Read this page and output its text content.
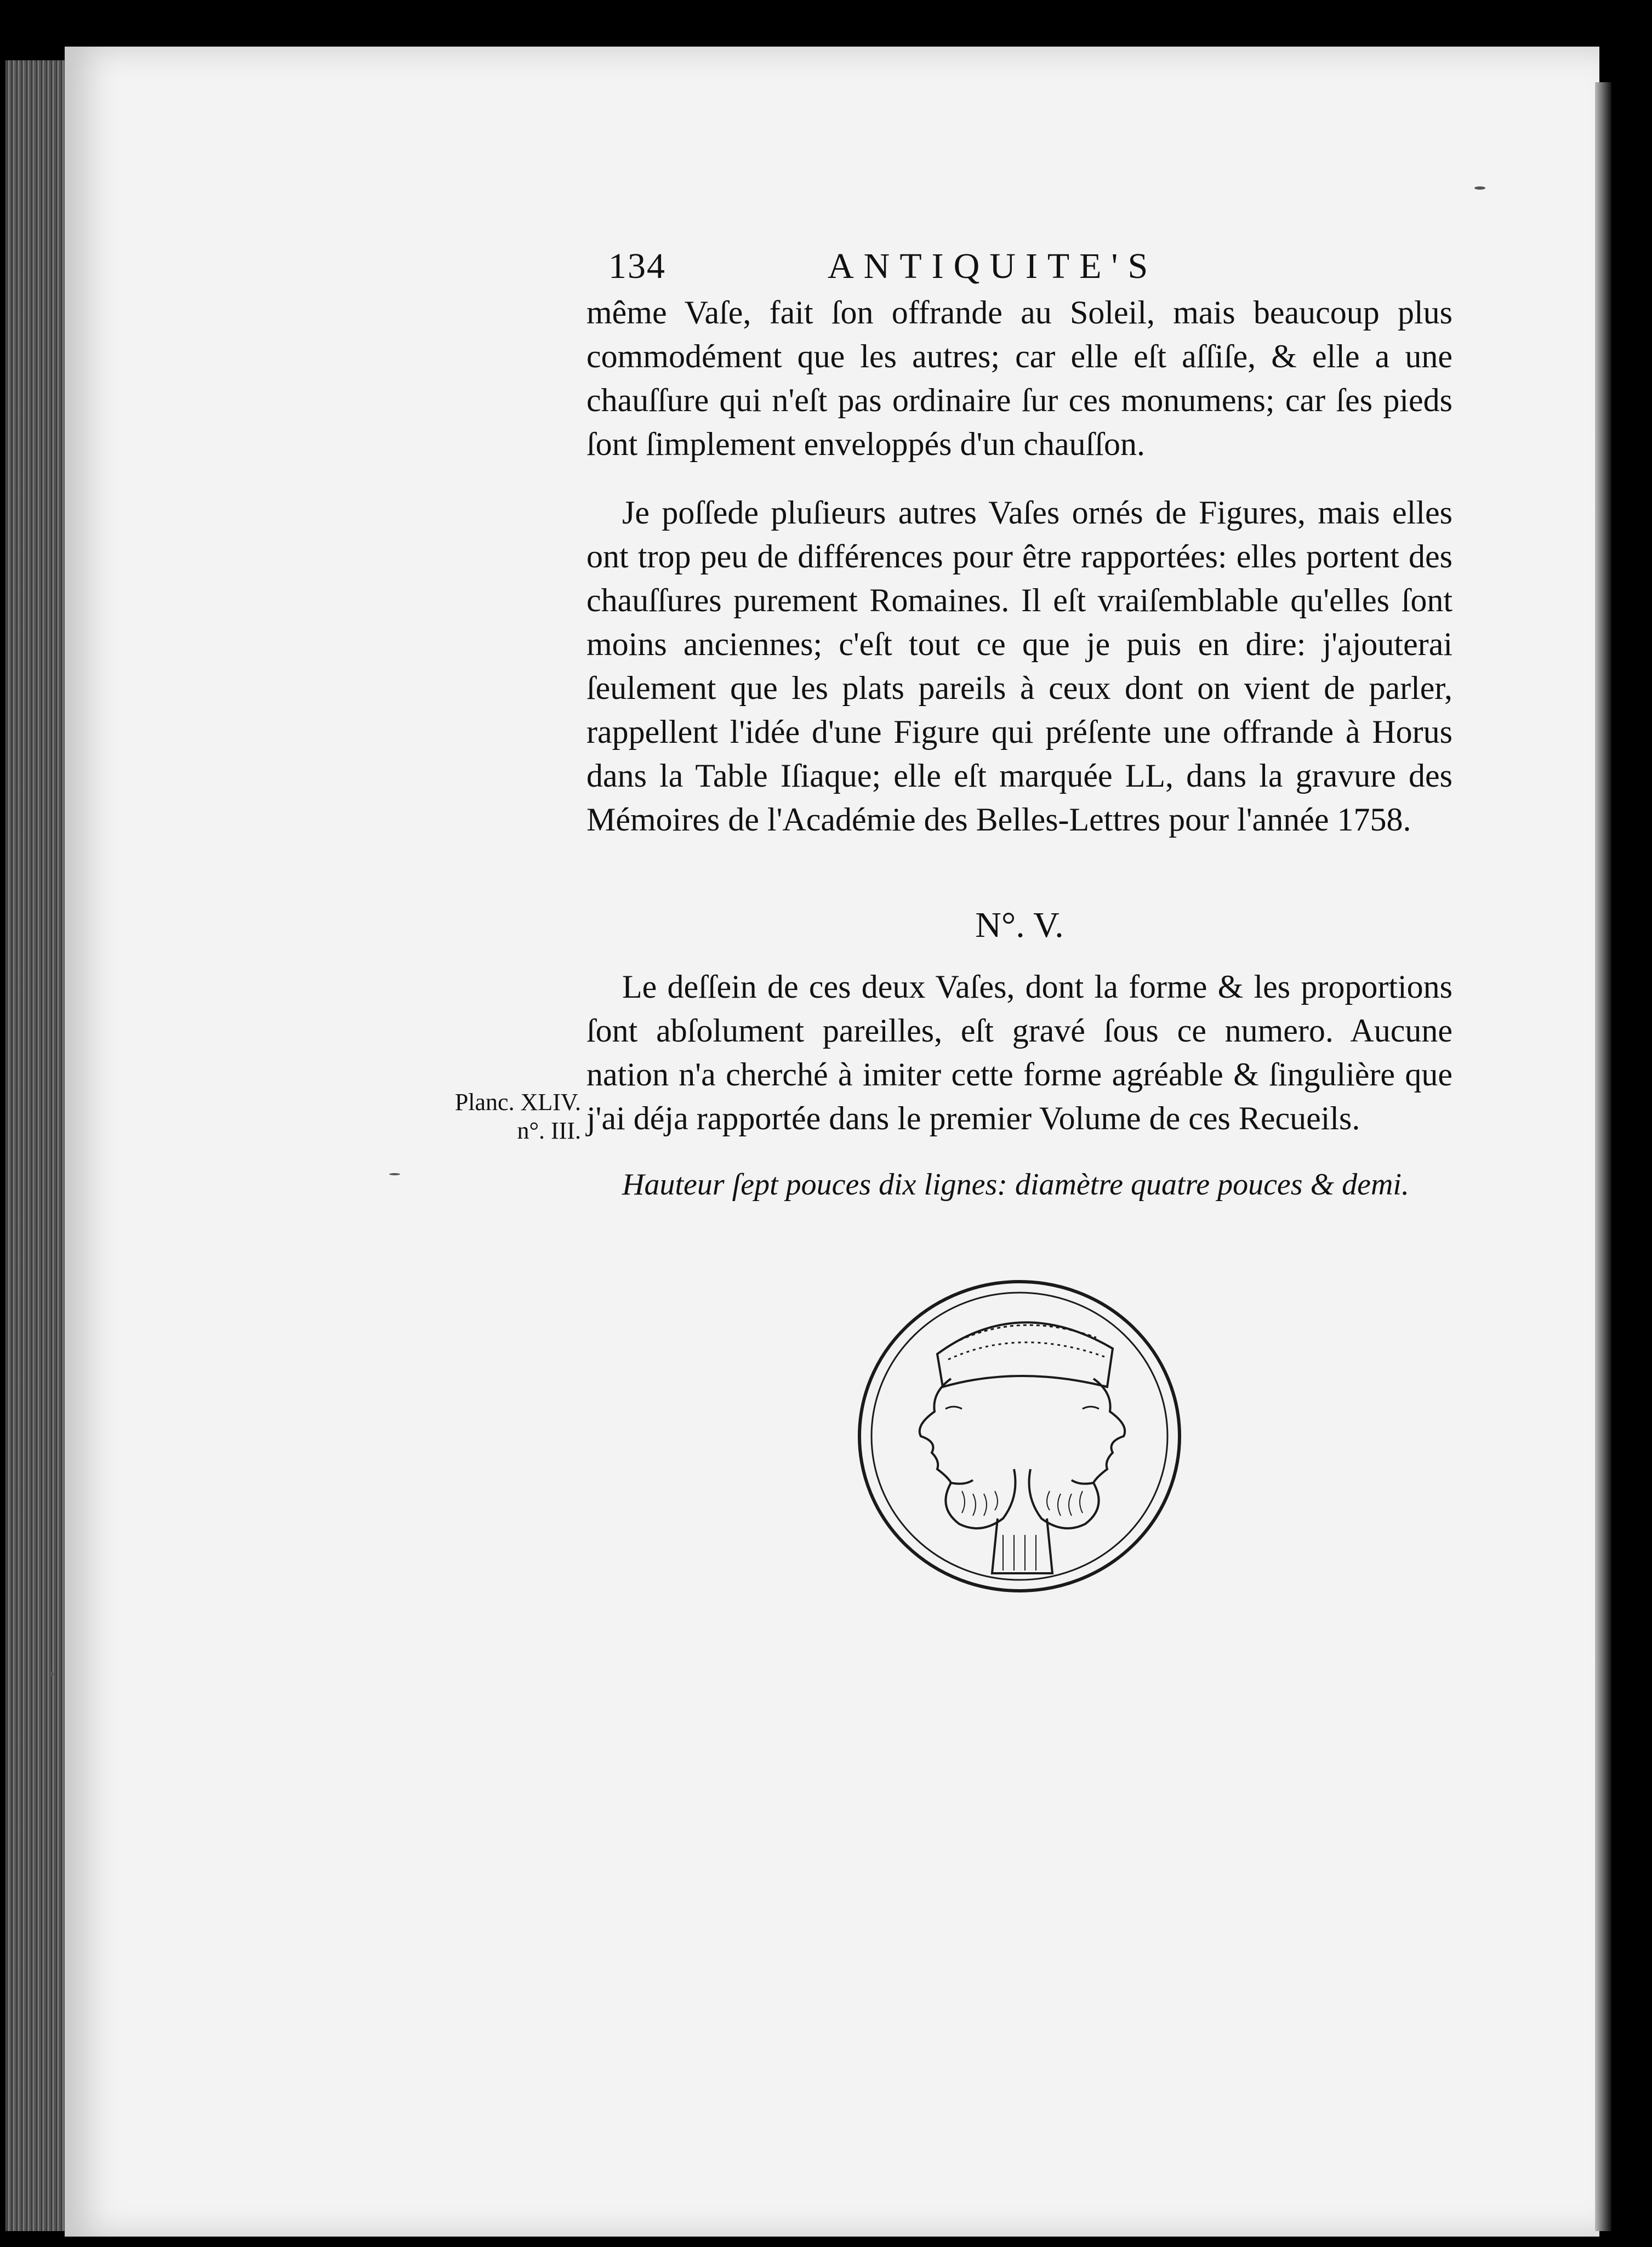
134	ANTIQUITE'S
même Vaſe, fait ſon offrande au Soleil, mais beaucoup plus commodément que les autres; car elle eſt aſſiſe, & elle a une chauſſure qui n'eſt pas ordinaire ſur ces monumens; car ſes pieds ſont ſimplement enveloppés d'un chauſſon.
Je poſſede pluſieurs autres Vaſes ornés de Figures, mais elles ont trop peu de différences pour être rapportées: elles portent des chauſſures purement Romaines. Il eſt vraiſemblable qu'elles ſont moins anciennes; c'eſt tout ce que je puis en dire: j'ajouterai ſeulement que les plats pareils à ceux dont on vient de parler, rappellent l'idée d'une Figure qui préſente une offrande à Horus dans la Table Iſiaque; elle eſt marquée LL, dans la gravure des Mémoires de l'Académie des Belles-Lettres pour l'année 1758.
N°. V.
Le deſſein de ces deux Vaſes, dont la forme & les proportions ſont abſolument pareilles, eſt gravé ſous ce numero. Aucune nation n'a cherché à imiter cette forme agréable & ſingulière que j'ai déja rapportée dans le premier Volume de ces Recueils.
Planc. XLIV.
n°. III.
Hauteur ſept pouces dix lignes: diamètre quatre pouces & demi.
